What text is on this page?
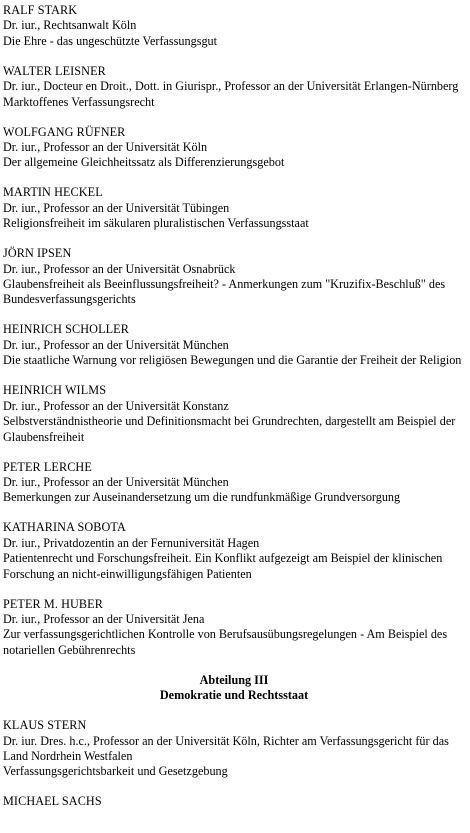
RALF STARK
Dr. iur., Rechtsanwalt Köln
Die Ehre - das ungeschützte Verfassungsgut
WALTER LEISNER
Dr. iur., Docteur en Droit., Dott. in Giurispr., Professor an der Universität Erlangen-Nürnberg
Marktoffenes Verfassungsrecht
WOLFGANG RÜFNER
Dr. iur., Professor an der Universität Köln
Der allgemeine Gleichheitssatz als Differenzierungsgebot
MARTIN HECKEL
Dr. iur., Professor an der Universität Tübingen
Religionsfreiheit im säkularen pluralistischen Verfassungsstaat
JÖRN IPSEN
Dr. iur., Professor an der Universität Osnabrück
Glaubensfreiheit als Beeinflussungsfreiheit? - Anmerkungen zum "Kruzifix-Beschluß" des Bundesverfassungsgerichts
HEINRICH SCHOLLER
Dr. iur., Professor an der Universität München
Die staatliche Warnung vor religiösen Bewegungen und die Garantie der Freiheit der Religion
HEINRICH WILMS
Dr. iur., Professor an der Universität Konstanz
Selbstverständnistheorie und Definitionsmacht bei Grundrechten, dargestellt am Beispiel der Glaubensfreiheit
PETER LERCHE
Dr. iur., Professor an der Universität München
Bemerkungen zur Auseinandersetzung um die rundfunkmäßige Grundversorgung
KATHARINA SOBOTA
Dr. iur., Privatdozentin an der Fernuniversität Hagen
Patientenrecht und Forschungsfreiheit. Ein Konflikt aufgezeigt am Beispiel der klinischen Forschung an nicht-einwilligungsfähigen Patienten
PETER M. HUBER
Dr. iur., Professor an der Universität Jena
Zur verfassungsgerichtlichen Kontrolle von Berufsausübungsregelungen - Am Beispiel des notariellen Gebührenrechts
Abteilung III
Demokratie und Rechtsstaat
KLAUS STERN
Dr. iur. Dres. h.c., Professor an der Universität Köln, Richter am Verfassungsgericht für das Land Nordrhein Westfalen
Verfassungsgerichtsbarkeit und Gesetzgebung
MICHAEL SACHS
